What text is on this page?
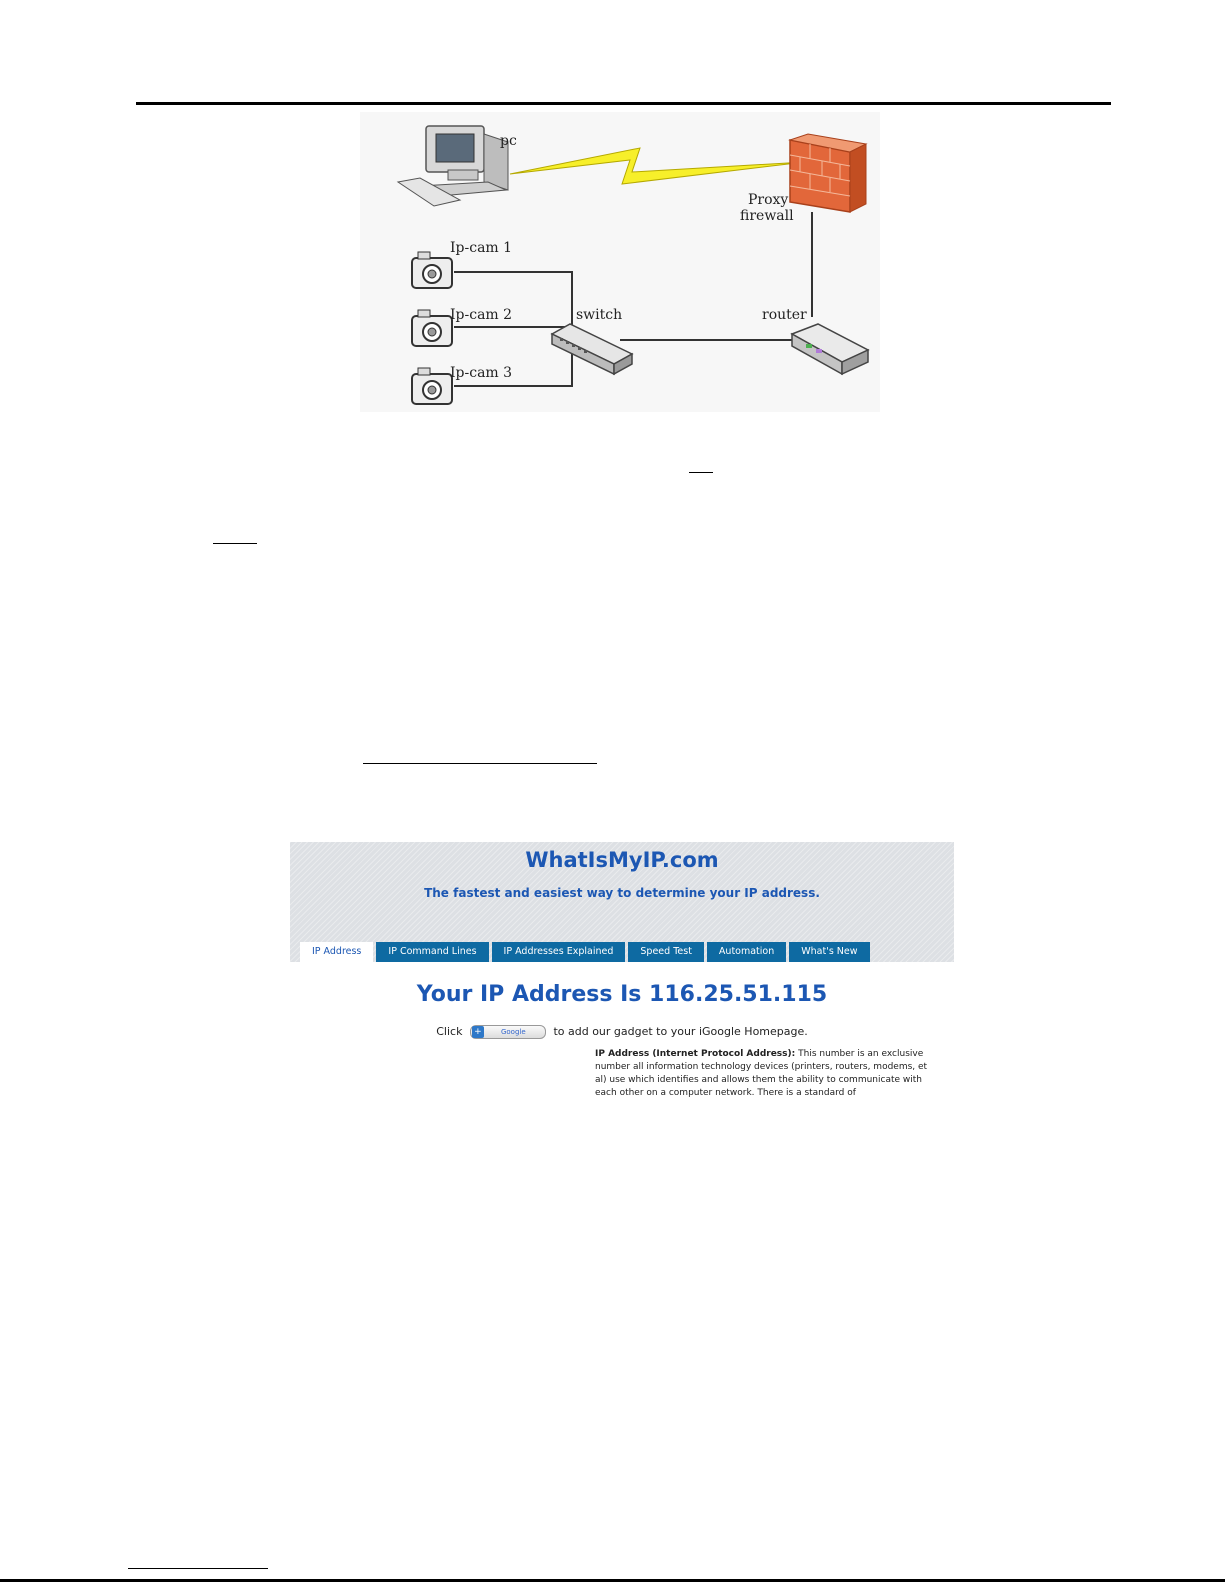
pc
Proxy
firewall
Ip-cam 1
Ip-cam 2
Ip-cam 3
switch	router
WhatIsMyIP.com
The fastest and easiest way to determine your IP address.
IP Address	IP Command Lines	IP Addresses Explained	Speed Test	Automation	What's New
Your IP Address Is 116.25.51.115
Click +	Google	to add our gadget to your iGoogle Homepage.
IP Address (Internet Protocol Address): This number is an exclusive number all information technology devices (printers, routers, modems, et al) use which identifies and allows them the ability to communicate with each other on a computer network. There is a standard of
